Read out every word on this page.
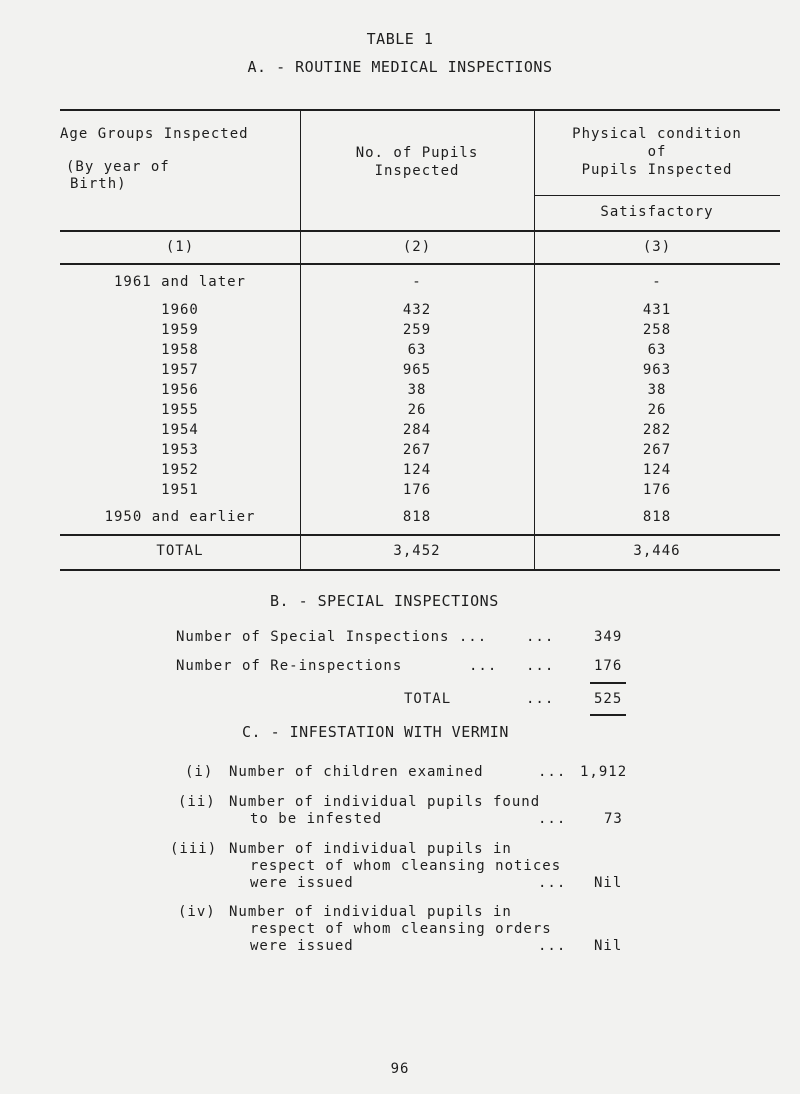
TABLE 1
A. - ROUTINE MEDICAL INSPECTIONS
Age Groups Inspected
(By year of
Birth)
No. of Pupils
Inspected
Physical condition
of
Pupils Inspected
Satisfactory
(1)	(2)	(3)
1961 and later	-	-
1960	432	431
1959	259	258
1958	63	63
1957	965	963
1956	38	38
1955	26	26
1954	284	282
1953	267	267
1952	124	124
1951	176	176
1950 and earlier	818	818
TOTAL	3,452	3,446
B. - SPECIAL INSPECTIONS
Number of Special Inspections ...	...	349
Number of Re-inspections	... ...	176
TOTAL	...	525
C. - INFESTATION WITH VERMIN
(i) Number of children examined	... 1,912
(ii) Number of individual pupils found
to be infested	...	73
(iii) Number of individual pupils in
respect of whom cleansing notices
were issued	... Nil
(iv) Number of individual pupils in
respect of whom cleansing orders
were issued	... Nil
96
